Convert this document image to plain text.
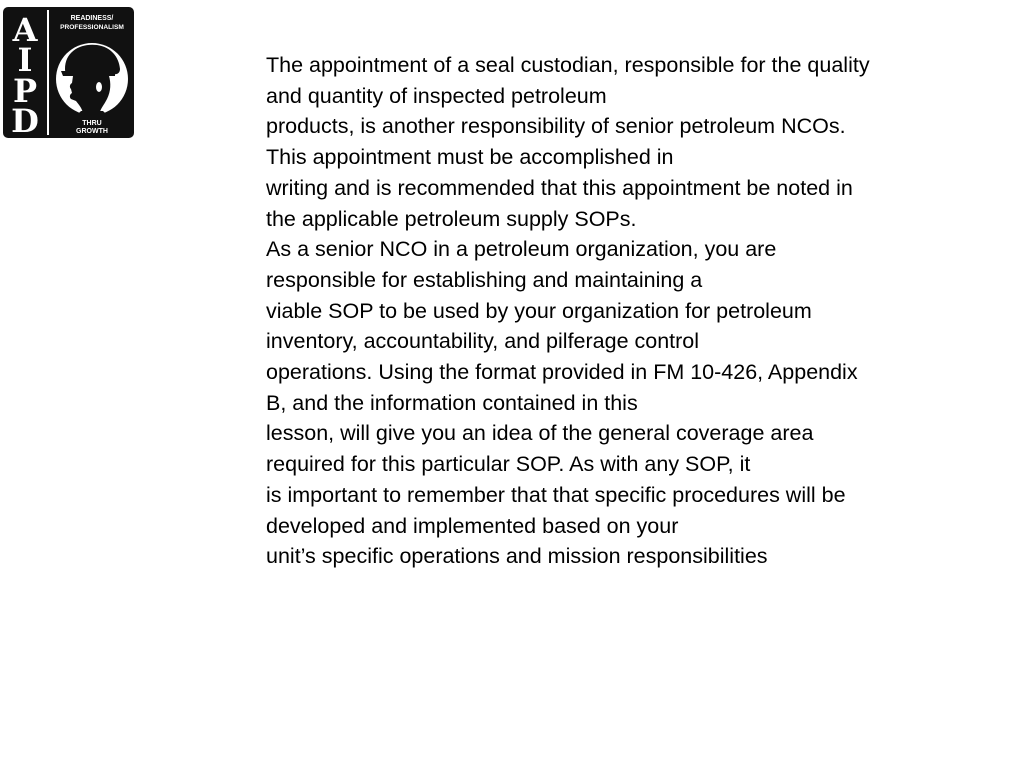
A
I
P
D
READINESS/
PROFESSIONALISM
THRU
GROWTH
The appointment of a seal custodian, responsible for the quality
and quantity of inspected petroleum
products, is another responsibility of senior petroleum NCOs.
This appointment must be accomplished in
writing and is recommended that this appointment be noted in
the applicable petroleum supply SOPs.
As a senior NCO in a petroleum organization, you are
responsible for establishing and maintaining a
viable SOP to be used by your organization for petroleum
inventory, accountability, and pilferage control
operations. Using the format provided in FM 10-426, Appendix
B, and the information contained in this
lesson, will give you an idea of the general coverage area
required for this particular SOP. As with any SOP, it
is important to remember that that specific procedures will be
developed and implemented based on your
unit’s specific operations and mission responsibilities
